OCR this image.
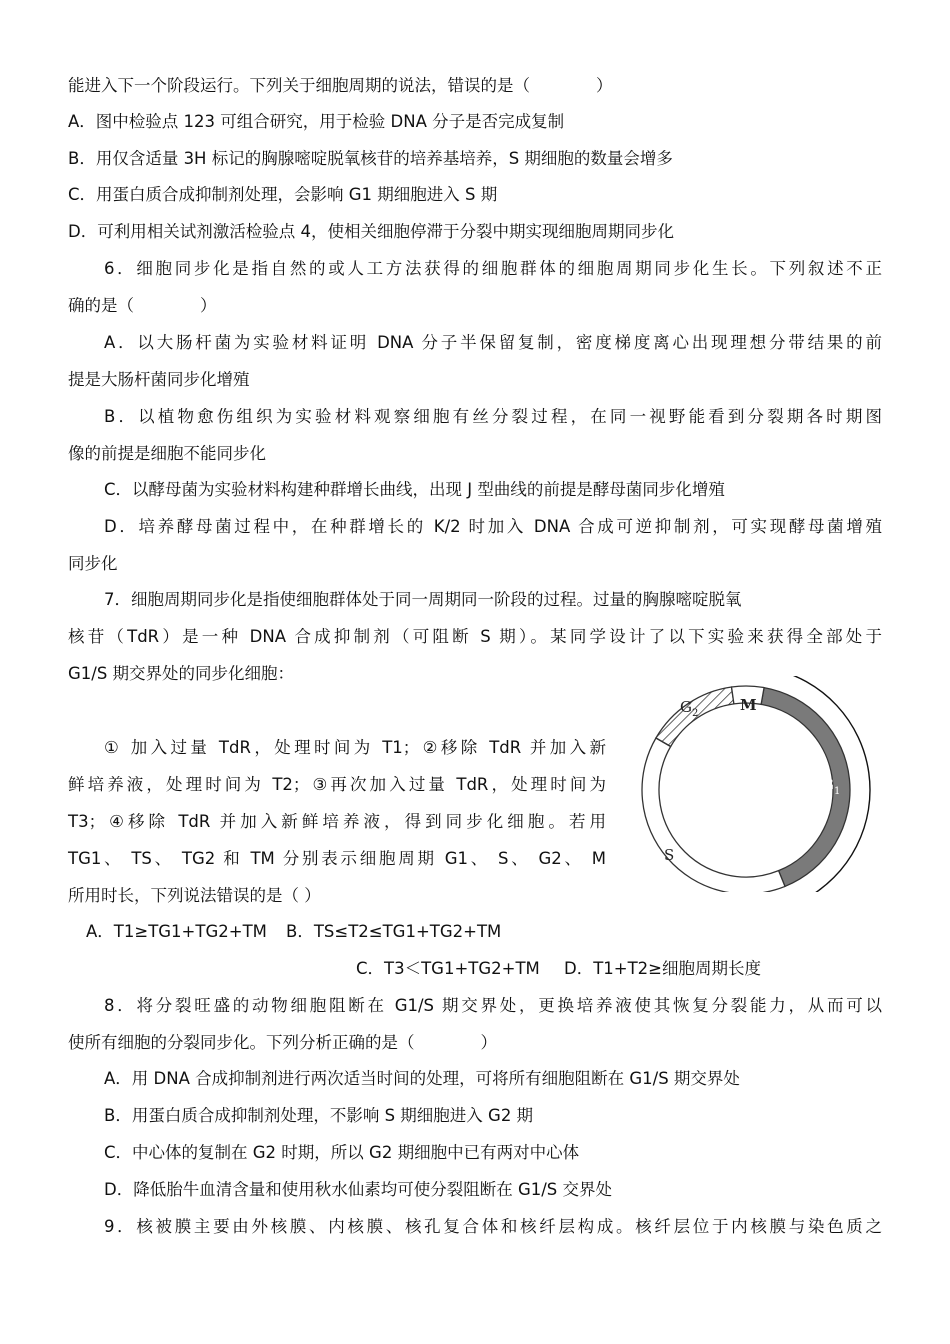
能进入下一个阶段运行。下列关于细胞周期的说法，错误的是（　　　　）
A．图中检验点 123 可组合研究，用于检验 DNA 分子是否完成复制
B．用仅含适量 3H 标记的胸腺嘧啶脱氧核苷的培养基培养，S 期细胞的数量会增多
C．用蛋白质合成抑制剂处理，会影响 G1 期细胞进入 S 期
D．可利用相关试剂激活检验点 4，使相关细胞停滞于分裂中期实现细胞周期同步化
6．细胞同步化是指自然的或人工方法获得的细胞群体的细胞周期同步化生长。下列叙述不正
确的是（　　　　）
A．以大肠杆菌为实验材料证明 DNA 分子半保留复制，密度梯度离心出现理想分带结果的前
提是大肠杆菌同步化增殖
B．以植物愈伤组织为实验材料观察细胞有丝分裂过程，在同一视野能看到分裂期各时期图
像的前提是细胞不能同步化
C．以酵母菌为实验材料构建种群增长曲线，出现 J 型曲线的前提是酵母菌同步化增殖
D．培养酵母菌过程中，在种群增长的 K/2 时加入 DNA 合成可逆抑制剂，可实现酵母菌增殖
同步化
7．细胞周期同步化是指使细胞群体处于同一周期同一阶段的过程。过量的胸腺嘧啶脱氧
核苷（TdR）是一种 DNA 合成抑制剂（可阻断 S 期）。某同学设计了以下实验来获得全部处于
G1/S 期交界处的同步化细胞：
① 加入过量 TdR，处理时间为 T1；②移除 TdR 并加入新
鲜培养液，处理时间为 T2；③再次加入过量 TdR，处理时间为
T3；④移除 TdR 并加入新鲜培养液，得到同步化细胞。若用
TG1、 TS、 TG2 和 TM 分别表示细胞周期 G1、 S、 G2、 M
所用时长，下列说法错误的是（ ）
A．T1≥TG1+TG2+TM B．TS≤T2≤TG1+TG2+TM
C．T3＜TG1+TG2+TM D．T1+T2≥细胞周期长度
$G_2$	M
$G_1$
S
8．将分裂旺盛的动物细胞阻断在 G1/S 期交界处，更换培养液使其恢复分裂能力，从而可以
使所有细胞的分裂同步化。下列分析正确的是（　　　　）
A．用 DNA 合成抑制剂进行两次适当时间的处理，可将所有细胞阻断在 G1/S 期交界处
B．用蛋白质合成抑制剂处理，不影响 S 期细胞进入 G2 期
C．中心体的复制在 G2 时期，所以 G2 期细胞中已有两对中心体
D．降低胎牛血清含量和使用秋水仙素均可使分裂阻断在 G1/S 交界处
9．核被膜主要由外核膜、内核膜、核孔复合体和核纤层构成。核纤层位于内核膜与染色质之
